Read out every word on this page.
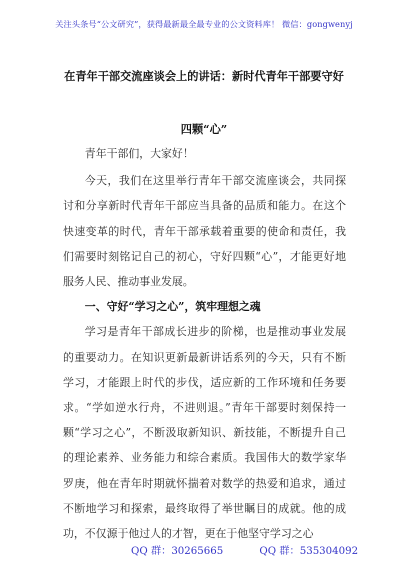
关注头条号“公文研究”，获得最新最全最专业的公文资料库！ 微信：gongwenyj
在青年干部交流座谈会上的讲话：新时代青年干部要守好
四颗“心”

青年干部们，大家好！

今天，我们在这里举行青年干部交流座谈会，共同探讨和分享新时代青年干部应当具备的品质和能力。在这个快速变革的时代，青年干部承载着重要的使命和责任，我们需要时刻铭记自己的初心，守好四颗“心”，才能更好地服务人民、推动事业发展。

一、守好“学习之心”，筑牢理想之魂

学习是青年干部成长进步的阶梯，也是推动事业发展的重要动力。在知识更新最新讲话系列的今天，只有不断学习，才能跟上时代的步伐，适应新的工作环境和任务要求。“学如逆水行舟，不进则退。”青年干部要时刻保持一颗“学习之心”，不断汲取新知识、新技能，不断提升自己的理论素养、业务能力和综合素质。我国伟大的数学家华罗庚，他在青年时期就怀揣着对数学的热爱和追求，通过不断地学习和探索，最终取得了举世瞩目的成就。他的成功，不仅源于他过人的才智，更在于他坚守学习之心

QQ 群：30265665	QQ 群：535304092
